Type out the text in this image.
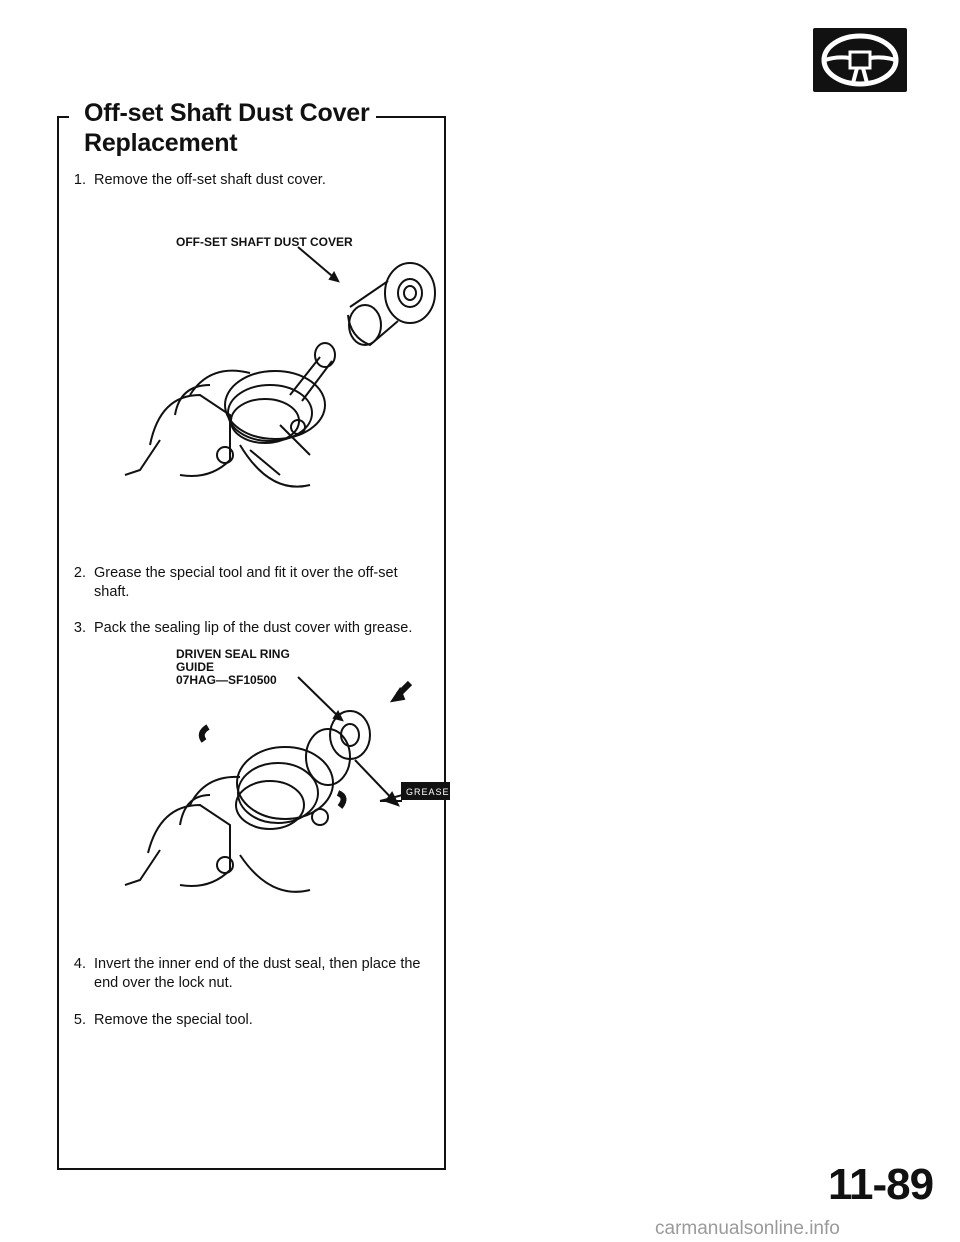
Off-set Shaft Dust Cover
Replacement
1. Remove the off-set shaft dust cover.
OFF-SET SHAFT DUST COVER
2. Grease the special tool and fit it over the off-set
shaft.
3. Pack the sealing lip of the dust cover with grease.
DRIVEN SEAL RING
GUIDE
07HAG—SF10500
GREASE
4. Invert the inner end of the dust seal, then place the
end over the lock nut.
5. Remove the special tool.
11-89
carmanualsonline.info
